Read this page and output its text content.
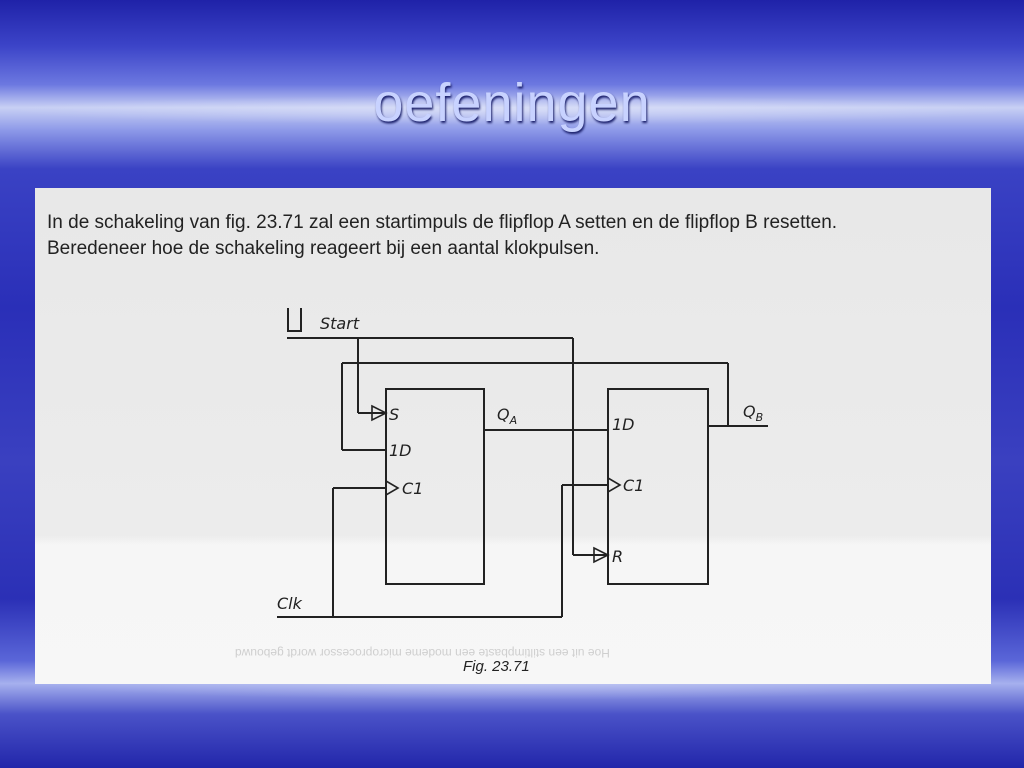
oefeningen
In de schakeling van fig. 23.71 zal een startimpuls de flipflop A setten en de flipflop B resetten.
Beredeneer hoe de schakeling reageert bij een aantal klokpulsen.
Hoe uit een stiltimpbaste een modeme microprocessor wordt gebouwd
Start
Clk
S
1D
C1
1D
C1
R
$Q_A$	$Q_B$
Fig. 23.71
